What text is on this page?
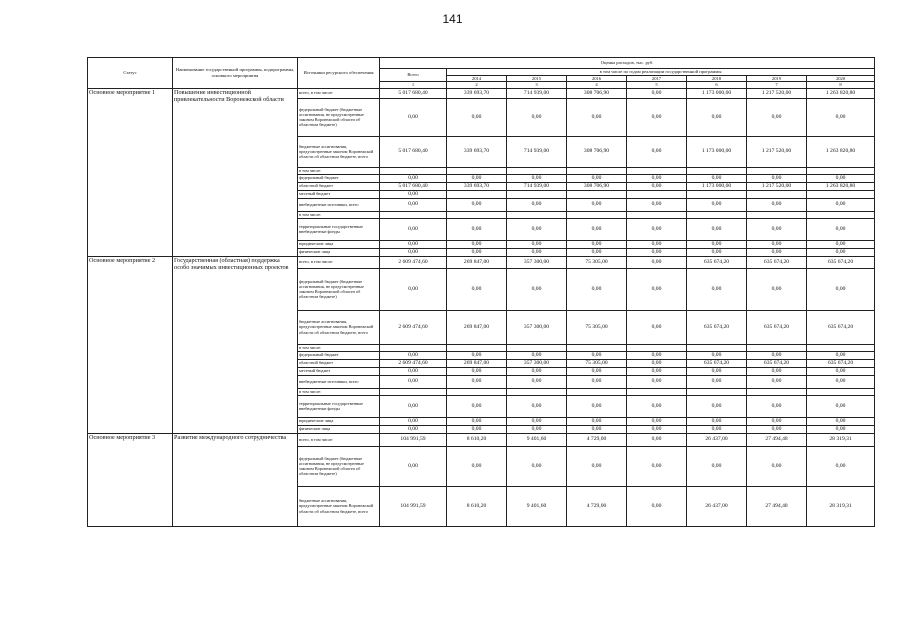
141
Статус	Наименование государственной программы, подпрограммы, основного мероприятия	Источники ресурсного обеспечения	Оценка расходов, тыс. руб.								
			Всего	в том числе по годам реализации государственной программы							
				2014	2015	2016	2017	2018	2019	2020	
			1	2	3	4	5	6	7	8			
Основное мероприятие 1	Повышение инвестиционной привлекательности Воронежской области	всего, в том числе:	5 017 680,40	339 693,70	714 939,00	308 706,90	0,00	1 173 000,00	1 217 520,00	1 263 820,80	
		федеральный бюджет (бюджетные ассигнования, не предусмотренные законом Воронежской области об областном бюджете)	0,00	0,00	0,00	0,00	0,00	0,00	0,00	0,00	
		бюджетные ассигнования, предусмотренные законом Воронежской области об областном бюджете, всего	5 017 680,40	339 693,70	714 939,00	308 706,90	0,00	1 173 000,00	1 217 520,00	1 263 820,80	
		в том числе:									
		федеральный бюджет	0,00	0,00	0,00	0,00	0,00	0,00	0,00	0,00	
		областной бюджет	5 017 680,40	339 693,70	714 939,00	308 706,90	0,00	1 173 000,00	1 217 520,00	1 263 820,80	
		местный бюджет	0,00								
		внебюджетные источники, всего	0,00	0,00	0,00	0,00	0,00	0,00	0,00	0,00	
		в том числе:									
		территориальные государственные внебюджетные фонды	0,00	0,00	0,00	0,00	0,00	0,00	0,00	0,00	
		юридические лица	0,00	0,00	0,00	0,00	0,00	0,00	0,00	0,00	
		физические лица	0,00	0,00	0,00	0,00	0,00	0,00	0,00	0,00	
Основное мероприятие 2	Государственная (областная) поддержка особо значимых инвестиционных проектов	всего, в том числе:	2 609 474,60	269 847,00	357 300,00	75 305,00	0,00	635 674,20	635 674,20	635 674,20	
		федеральный бюджет (бюджетные ассигнования, не предусмотренные законом Воронежской области об областном бюджете)	0,00	0,00	0,00	0,00	0,00	0,00	0,00	0,00	
		бюджетные ассигнования, предусмотренные законом Воронежской области об областном бюджете, всего	2 609 474,60	269 847,00	357 300,00	75 305,00	0,00	635 674,20	635 674,20	635 674,20	
		в том числе:									
		федеральный бюджет	0,00	0,00	0,00	0,00	0,00	0,00	0,00	0,00	
		областной бюджет	2 609 474,60	269 847,00	357 300,00	75 305,00	0,00	635 674,20	635 674,20	635 674,20	
		местный бюджет	0,00	0,00	0,00	0,00	0,00	0,00	0,00	0,00	
		внебюджетные источники, всего	0,00	0,00	0,00	0,00	0,00	0,00	0,00	0,00	
		в том числе:									
		территориальные государственные внебюджетные фонды	0,00	0,00	0,00	0,00	0,00	0,00	0,00	0,00	
		юридические лица	0,00	0,00	0,00	0,00	0,00	0,00	0,00	0,00	
		физические лица	0,00	0,00	0,00	0,00	0,00	0,00	0,00	0,00	
Основное мероприятие 3	Развитие международного сотрудничества	всего, в том числе:	104 991,59	8 610,20	9 401,60	4 729,00	0,00	26 437,00	27 494,48	28 319,31	
		федеральный бюджет (бюджетные ассигнования, не предусмотренные законом Воронежской области об областном бюджете)	0,00	0,00	0,00	0,00	0,00	0,00	0,00	0,00	
		бюджетные ассигнования, предусмотренные законом Воронежской области об областном бюджете, всего	104 991,59	8 610,20	9 401,60	4 729,00	0,00	26 437,00	27 494,48	28 319,31	
